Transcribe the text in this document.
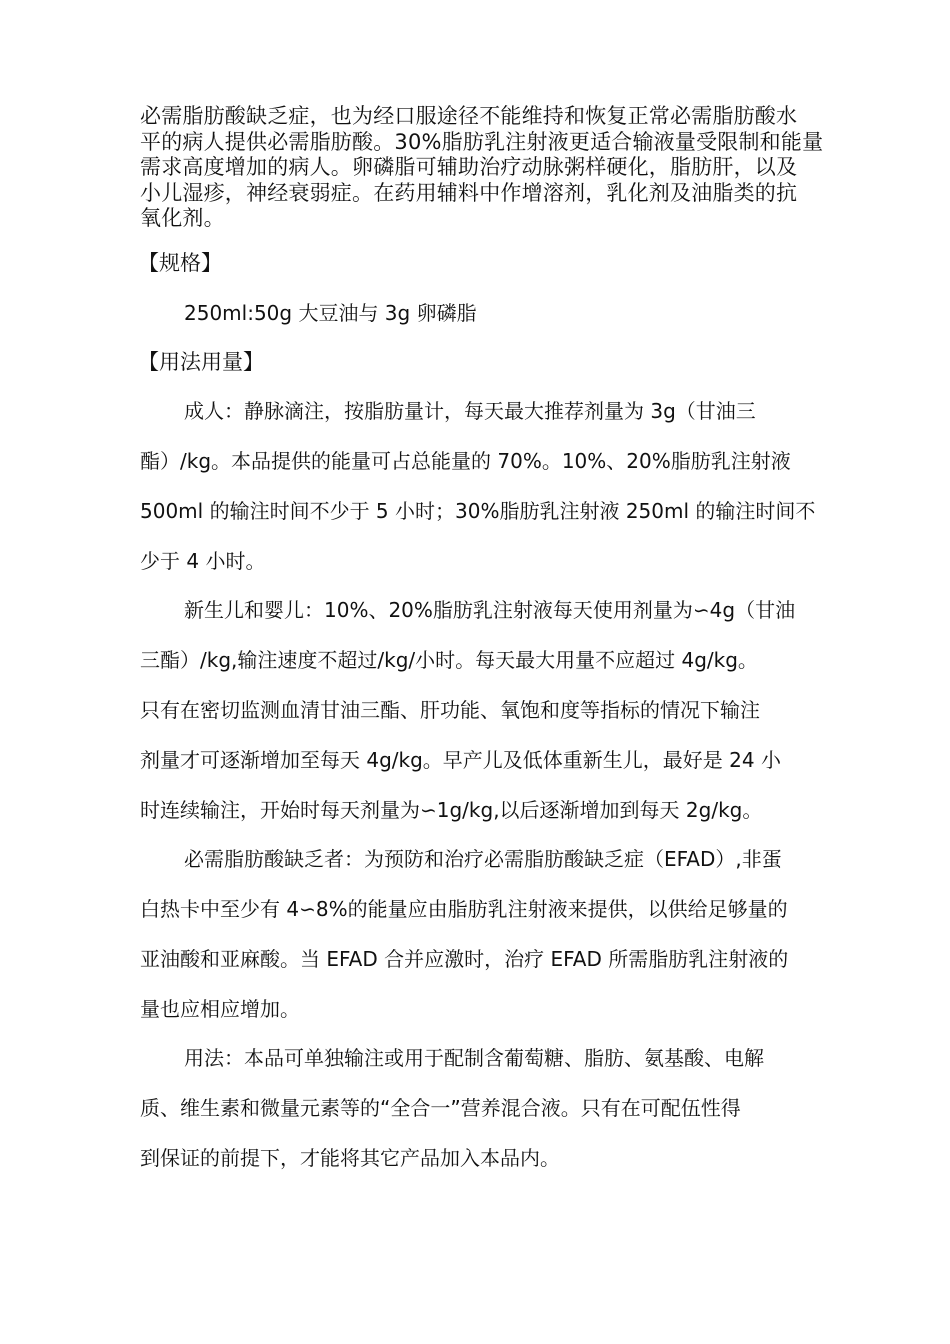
必需脂肪酸缺乏症，也为经口服途径不能维持和恢复正常必需脂肪酸水
平的病人提供必需脂肪酸。30%脂肪乳注射液更适合输液量受限制和能量
需求高度增加的病人。卵磷脂可辅助治疗动脉粥样硬化，脂肪肝，以及
小儿湿疹，神经衰弱症。在药用辅料中作增溶剂，乳化剂及油脂类的抗
氧化剂。

【规格】

250ml:50g 大豆油与 3g 卵磷脂

【用法用量】

成人：静脉滴注，按脂肪量计，每天最大推荐剂量为 3g（甘油三
酯）/kg。本品提供的能量可占总能量的 70%。10%、20%脂肪乳注射液
500ml 的输注时间不少于 5 小时；30%脂肪乳注射液 250ml 的输注时间不
少于 4 小时。

新生儿和婴儿：10%、20%脂肪乳注射液每天使用剂量为∽4g（甘油
三酯）/kg,输注速度不超过/kg/小时。每天最大用量不应超过 4g/kg。
只有在密切监测血清甘油三酯、肝功能、氧饱和度等指标的情况下输注
剂量才可逐渐增加至每天 4g/kg。早产儿及低体重新生儿，最好是 24 小
时连续输注，开始时每天剂量为∽1g/kg,以后逐渐增加到每天 2g/kg。

必需脂肪酸缺乏者：为预防和治疗必需脂肪酸缺乏症（EFAD）,非蛋
白热卡中至少有 4∽8%的能量应由脂肪乳注射液来提供，以供给足够量的
亚油酸和亚麻酸。当 EFAD 合并应激时，治疗 EFAD 所需脂肪乳注射液的
量也应相应增加。

用法：本品可单独输注或用于配制含葡萄糖、脂肪、氨基酸、电解
质、维生素和微量元素等的“全合一”营养混合液。只有在可配伍性得
到保证的前提下，才能将其它产品加入本品内。
